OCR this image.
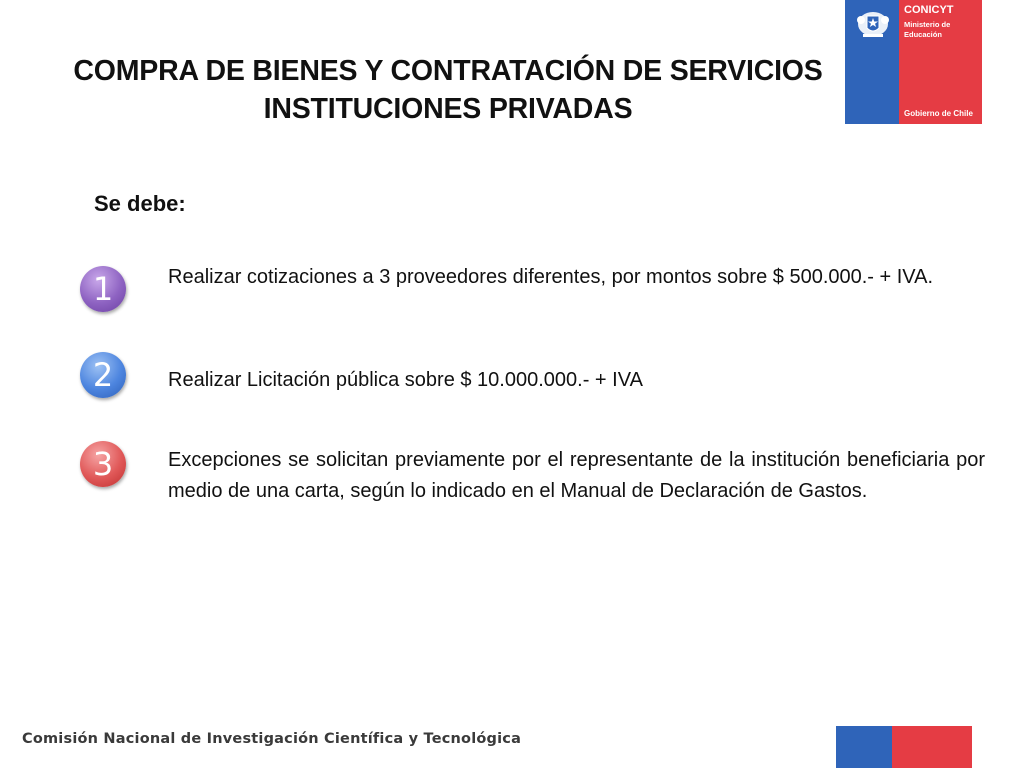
COMPRA DE BIENES Y CONTRATACIÓN DE SERVICIOS
INSTITUCIONES PRIVADAS
CONICYT
Ministerio de Educación
Gobierno de Chile
Se debe:
1	Realizar cotizaciones a 3 proveedores diferentes, por montos sobre $ 500.000.- + IVA.
2	Realizar Licitación pública sobre $ 10.000.000.- + IVA
3	Excepciones se solicitan previamente por el representante de la institución beneficiaria por medio de una carta, según lo indicado en el Manual de Declaración de Gastos.
Comisión Nacional de Investigación Científica y Tecnológica
